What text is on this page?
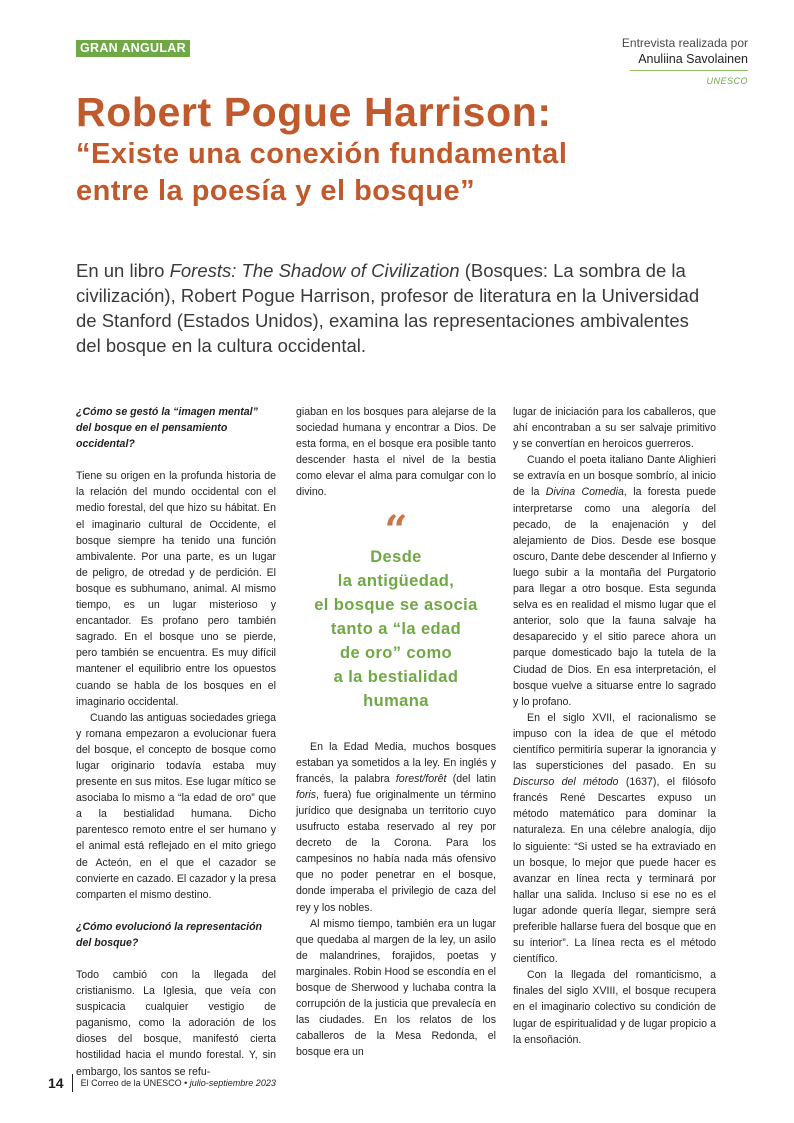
GRAN ANGULAR	Entrevista realizada por
Anuliina Savolainen
UNESCO
Robert Pogue Harrison:
“Existe una conexión fundamental
entre la poesía y el bosque”
En un libro Forests: The Shadow of Civilization (Bosques: La sombra de la civilización), Robert Pogue Harrison, profesor de literatura en la Universidad de Stanford (Estados Unidos), examina las representaciones ambivalentes del bosque en la cultura occidental.
¿Cómo se gestó la “imagen mental” del bosque en el pensamiento occidental?

Tiene su origen en la profunda historia de la relación del mundo occidental con el medio forestal, del que hizo su hábitat. En el imaginario cultural de Occidente, el bosque siempre ha tenido una función ambivalente. Por una parte, es un lugar de peligro, de otredad y de perdición. El bosque es subhumano, animal. Al mismo tiempo, es un lugar misterioso y encantador. Es profano pero también sagrado. En el bosque uno se pierde, pero también se encuentra. Es muy difícil mantener el equilibrio entre los opuestos cuando se habla de los bosques en el imaginario occidental.

Cuando las antiguas sociedades griega y romana empezaron a evolucionar fuera del bosque, el concepto de bosque como lugar originario todavía estaba muy presente en sus mitos. Ese lugar mítico se asociaba lo mismo a “la edad de oro” que a la bestialidad humana. Dicho parentesco remoto entre el ser humano y el animal está reflejado en el mito griego de Acteón, en el que el cazador se convierte en cazado. El cazador y la presa comparten el mismo destino.

¿Cómo evolucionó la representación del bosque?

Todo cambió con la llegada del cristianismo. La Iglesia, que veía con suspicacia cualquier vestigio de paganismo, como la adoración de los dioses del bosque, manifestó cierta hostilidad hacia el mundo forestal. Y, sin embargo, los santos se refu-

giaban en los bosques para alejarse de la sociedad humana y encontrar a Dios. De esta forma, en el bosque era posible tanto descender hasta el nivel de la bestia como elevar el alma para comulgar con lo divino.

“
Desde
la antigüedad,
el bosque se asocia
tanto a “la edad
de oro” como
a la bestialidad
humana

En la Edad Media, muchos bosques estaban ya sometidos a la ley. En inglés y francés, la palabra forest/forêt (del latin foris, fuera) fue originalmente un término jurídico que designaba un territorio cuyo usufructo estaba reservado al rey por decreto de la Corona. Para los campesinos no había nada más ofensivo que no poder penetrar en el bosque, donde imperaba el privilegio de caza del rey y los nobles.

Al mismo tiempo, también era un lugar que quedaba al margen de la ley, un asilo de malandrines, forajidos, poetas y marginales. Robin Hood se escondía en el bosque de Sherwood y luchaba contra la corrupción de la justicia que prevalecía en las ciudades. En los relatos de los caballeros de la Mesa Redonda, el bosque era un

lugar de iniciación para los caballeros, que ahí encontraban a su ser salvaje primitivo y se convertían en heroicos guerreros.

Cuando el poeta italiano Dante Alighieri se extravía en un bosque sombrío, al inicio de la Divina Comedia, la foresta puede interpretarse como una alegoría del pecado, de la enajenación y del alejamiento de Dios. Desde ese bosque oscuro, Dante debe descender al Infierno y luego subir a la montaña del Purgatorio para llegar a otro bosque. Esta segunda selva es en realidad el mismo lugar que el anterior, solo que la fauna salvaje ha desaparecido y el sitio parece ahora un parque domesticado bajo la tutela de la Ciudad de Dios. En esa interpretación, el bosque vuelve a situarse entre lo sagrado y lo profano.

En el siglo XVII, el racionalismo se impuso con la idea de que el método científico permitiría superar la ignorancia y las supersticiones del pasado. En su Discurso del método (1637), el filósofo francés René Descartes expuso un método matemático para dominar la naturaleza. En una célebre analogía, dijo lo siguiente: “Si usted se ha extraviado en un bosque, lo mejor que puede hacer es avanzar en línea recta y terminará por hallar una salida. Incluso si ese no es el lugar adonde quería llegar, siempre será preferible hallarse fuera del bosque que en su interior”. La línea recta es el método científico.

Con la llegada del romanticismo, a finales del siglo XVIII, el bosque recupera en el imaginario colectivo su condición de lugar de espiritualidad y de lugar propicio a la ensoñación.

14 El Correo de la UNESCO • julio-septiembre 2023
